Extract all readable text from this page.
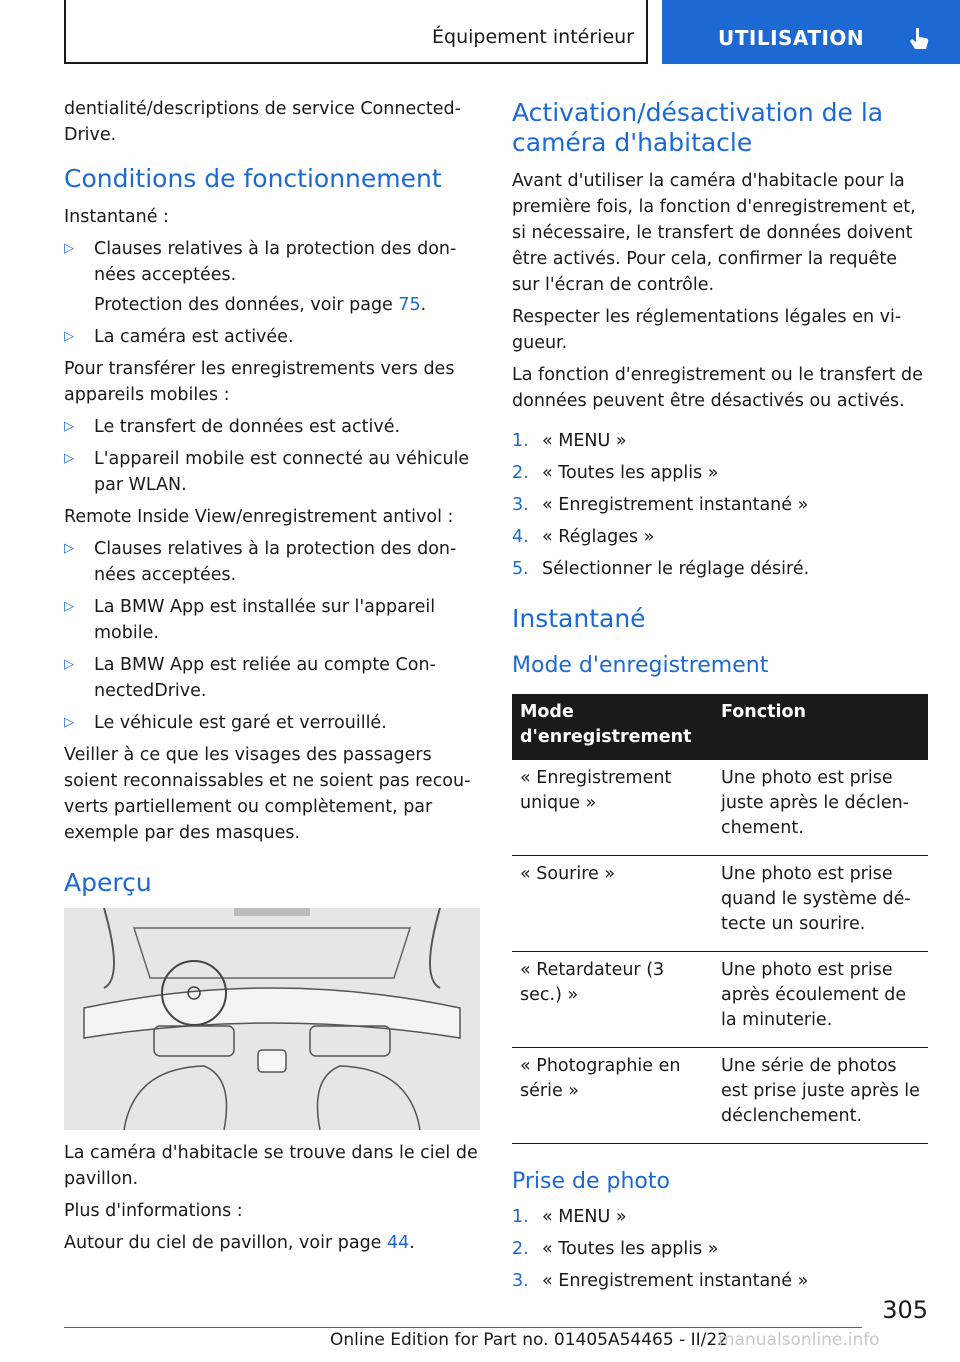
Équipement intérieur	UTILISATION

dentialité/descriptions de service ConnectedDrive.

Conditions de fonctionnement

Instantané :

▷ Clauses relatives à la protection des données acceptées.
Protection des données, voir page 75.
▷ La caméra est activée.

Pour transférer les enregistrements vers des appareils mobiles :

▷ Le transfert de données est activé.
▷ L'appareil mobile est connecté au véhicule par WLAN.

Remote Inside View/enregistrement antivol :

▷ Clauses relatives à la protection des données acceptées.
▷ La BMW App est installée sur l'appareil mobile.
▷ La BMW App est reliée au compte ConnectedDrive.
▷ Le véhicule est garé et verrouillé.

Veiller à ce que les visages des passagers soient reconnaissables et ne soient pas recouverts partiellement ou complètement, par exemple par des masques.

Aperçu

La caméra d'habitacle se trouve dans le ciel de pavillon.

Plus d'informations :

Autour du ciel de pavillon, voir page 44.

Activation/désactivation de la caméra d'habitacle

Avant d'utiliser la caméra d'habitacle pour la première fois, la fonction d'enregistrement et, si nécessaire, le transfert de données doivent être activés. Pour cela, confirmer la requête sur l'écran de contrôle.

Respecter les réglementations légales en vigueur.

La fonction d'enregistrement ou le transfert de données peuvent être désactivés ou activés.

1. « MENU »
2. « Toutes les applis »
3. « Enregistrement instantané »
4. « Réglages »
5. Sélectionner le réglage désiré.
Instantané
Mode d'enregistrement
Mode d'enregistrement	Fonction
« Enregistrement unique »	Une photo est prise juste après le déclenchement.
« Sourire »	Une photo est prise quand le système détecte un sourire.
« Retardateur (3 sec.) »	Une photo est prise après écoulement de la minuterie.
« Photographie en série »	Une série de photos est prise juste après le déclenchement.
Prise de photo
1. « MENU »
2. « Toutes les applis »
3. « Enregistrement instantané »
305
Online Edition for Part no. 01405A54465 - II/22
manualsonline.info
